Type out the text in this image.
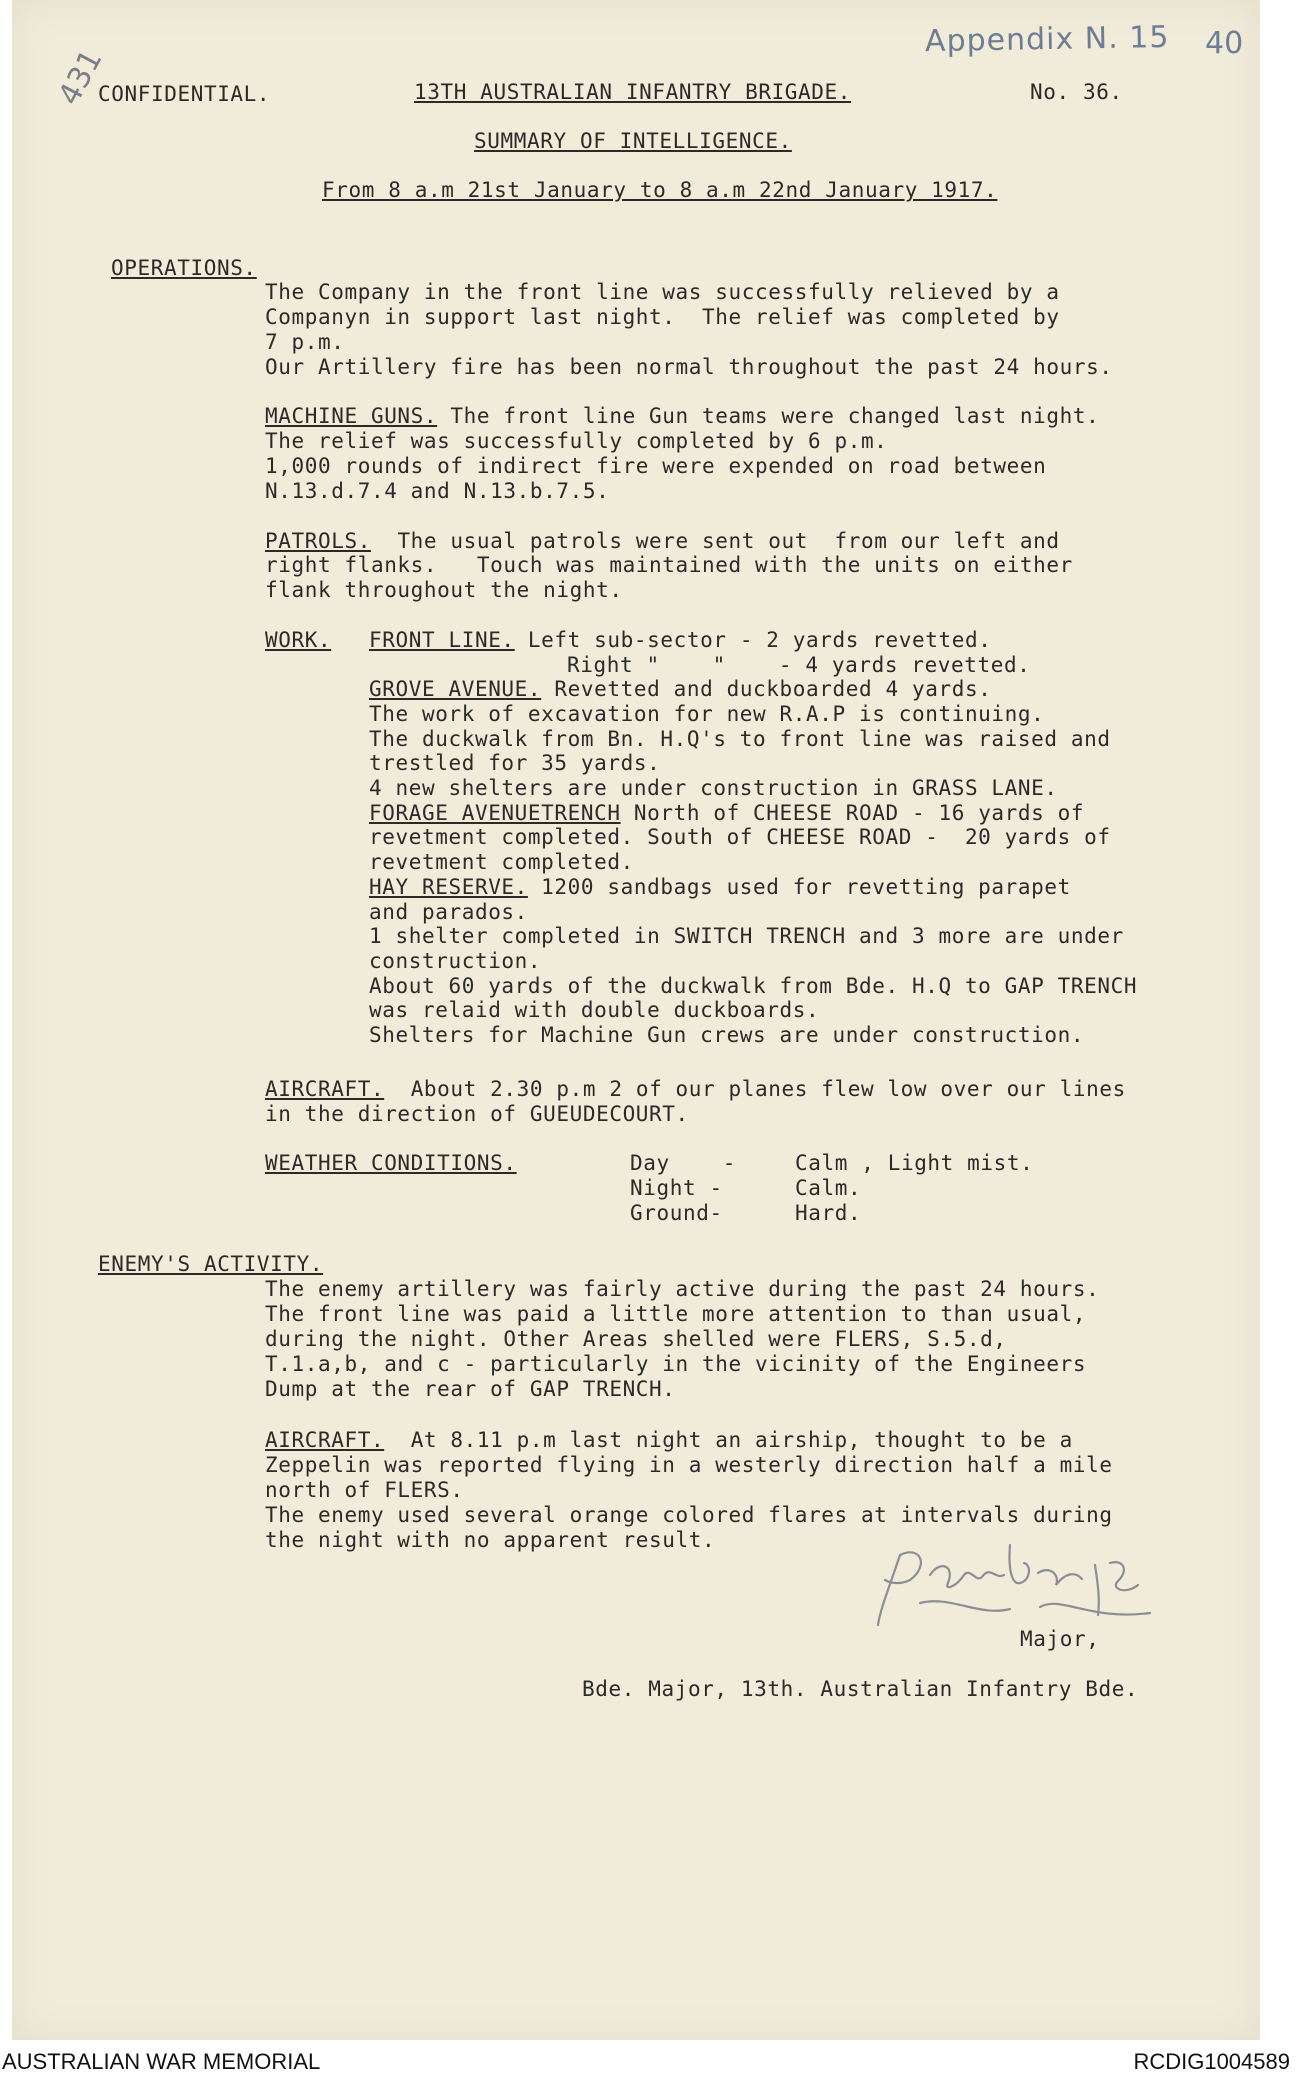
Appendix N. 15 40
431
CONFIDENTIAL.	13TH AUSTRALIAN INFANTRY BRIGADE.	No. 36.
SUMMARY OF INTELLIGENCE.
From 8 a.m 21st January to 8 a.m 22nd January 1917.
OPERATIONS.
The Company in the front line was successfully relieved by a
Companyn in support last night.  The relief was completed by
7 p.m.
Our Artillery fire has been normal throughout the past 24 hours.
MACHINE GUNS. The front line Gun teams were changed last night.
The relief was successfully completed by 6 p.m.
1,000 rounds of indirect fire were expended on road between
N.13.d.7.4 and N.13.b.7.5.
PATROLS.  The usual patrols were sent out  from our left and
right flanks.   Touch was maintained with the units on either
flank throughout the night.
WORK. FRONT LINE. Left sub-sector - 2 yards revetted.
Right "    "    - 4 yards revetted.
GROVE AVENUE. Revetted and duckboarded 4 yards.
The work of excavation for new R.A.P is continuing.
The duckwalk from Bn. H.Q's to front line was raised and
trestled for 35 yards.
4 new shelters are under construction in GRASS LANE.
FORAGE AVENUETRENCH North of CHEESE ROAD - 16 yards of
revetment completed. South of CHEESE ROAD -  20 yards of
revetment completed.
HAY RESERVE. 1200 sandbags used for revetting parapet
and parados.
1 shelter completed in SWITCH TRENCH and 3 more are under
construction.
About 60 yards of the duckwalk from Bde. H.Q to GAP TRENCH
was relaid with double duckboards.
Shelters for Machine Gun crews are under construction.
AIRCRAFT.  About 2.30 p.m 2 of our planes flew low over our lines
in the direction of GUEUDECOURT.
WEATHER CONDITIONS.	Day    -	Calm , Light mist.
Night -	Calm.
Ground-	Hard.
ENEMY'S ACTIVITY.
The enemy artillery was fairly active during the past 24 hours.
The front line was paid a little more attention to than usual,
during the night. Other Areas shelled were FLERS, S.5.d,
T.1.a,b, and c - particularly in the vicinity of the Engineers
Dump at the rear of GAP TRENCH.
AIRCRAFT.  At 8.11 p.m last night an airship, thought to be a
Zeppelin was reported flying in a westerly direction half a mile
north of FLERS.
The enemy used several orange colored flares at intervals during
the night with no apparent result.
Major,
Bde. Major, 13th. Australian Infantry Bde.
AUSTRALIAN WAR MEMORIAL	RCDIG1004589
